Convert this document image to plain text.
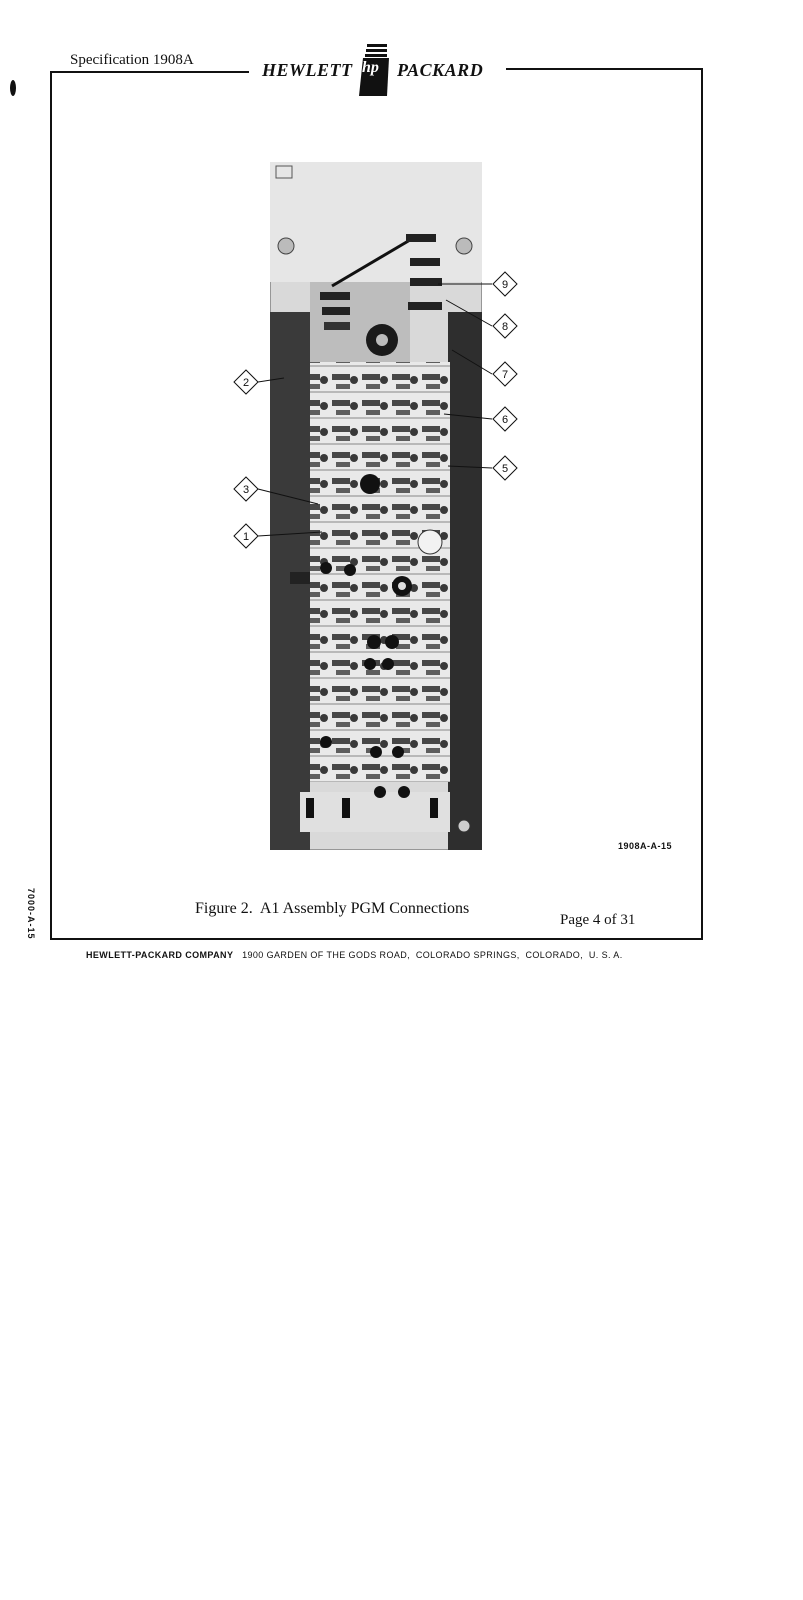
Specification 1908A	HEWLETT hp PACKARD
2
3
1
9
8
7
6
5
1908A-A-15
Figure 2.  A1 Assembly PGM Connections
Page 4 of 31
7000-A-15
HEWLETT-PACKARD COMPANY 1900 GARDEN OF THE GODS ROAD,  COLORADO SPRINGS,  COLORADO,  U. S. A.
